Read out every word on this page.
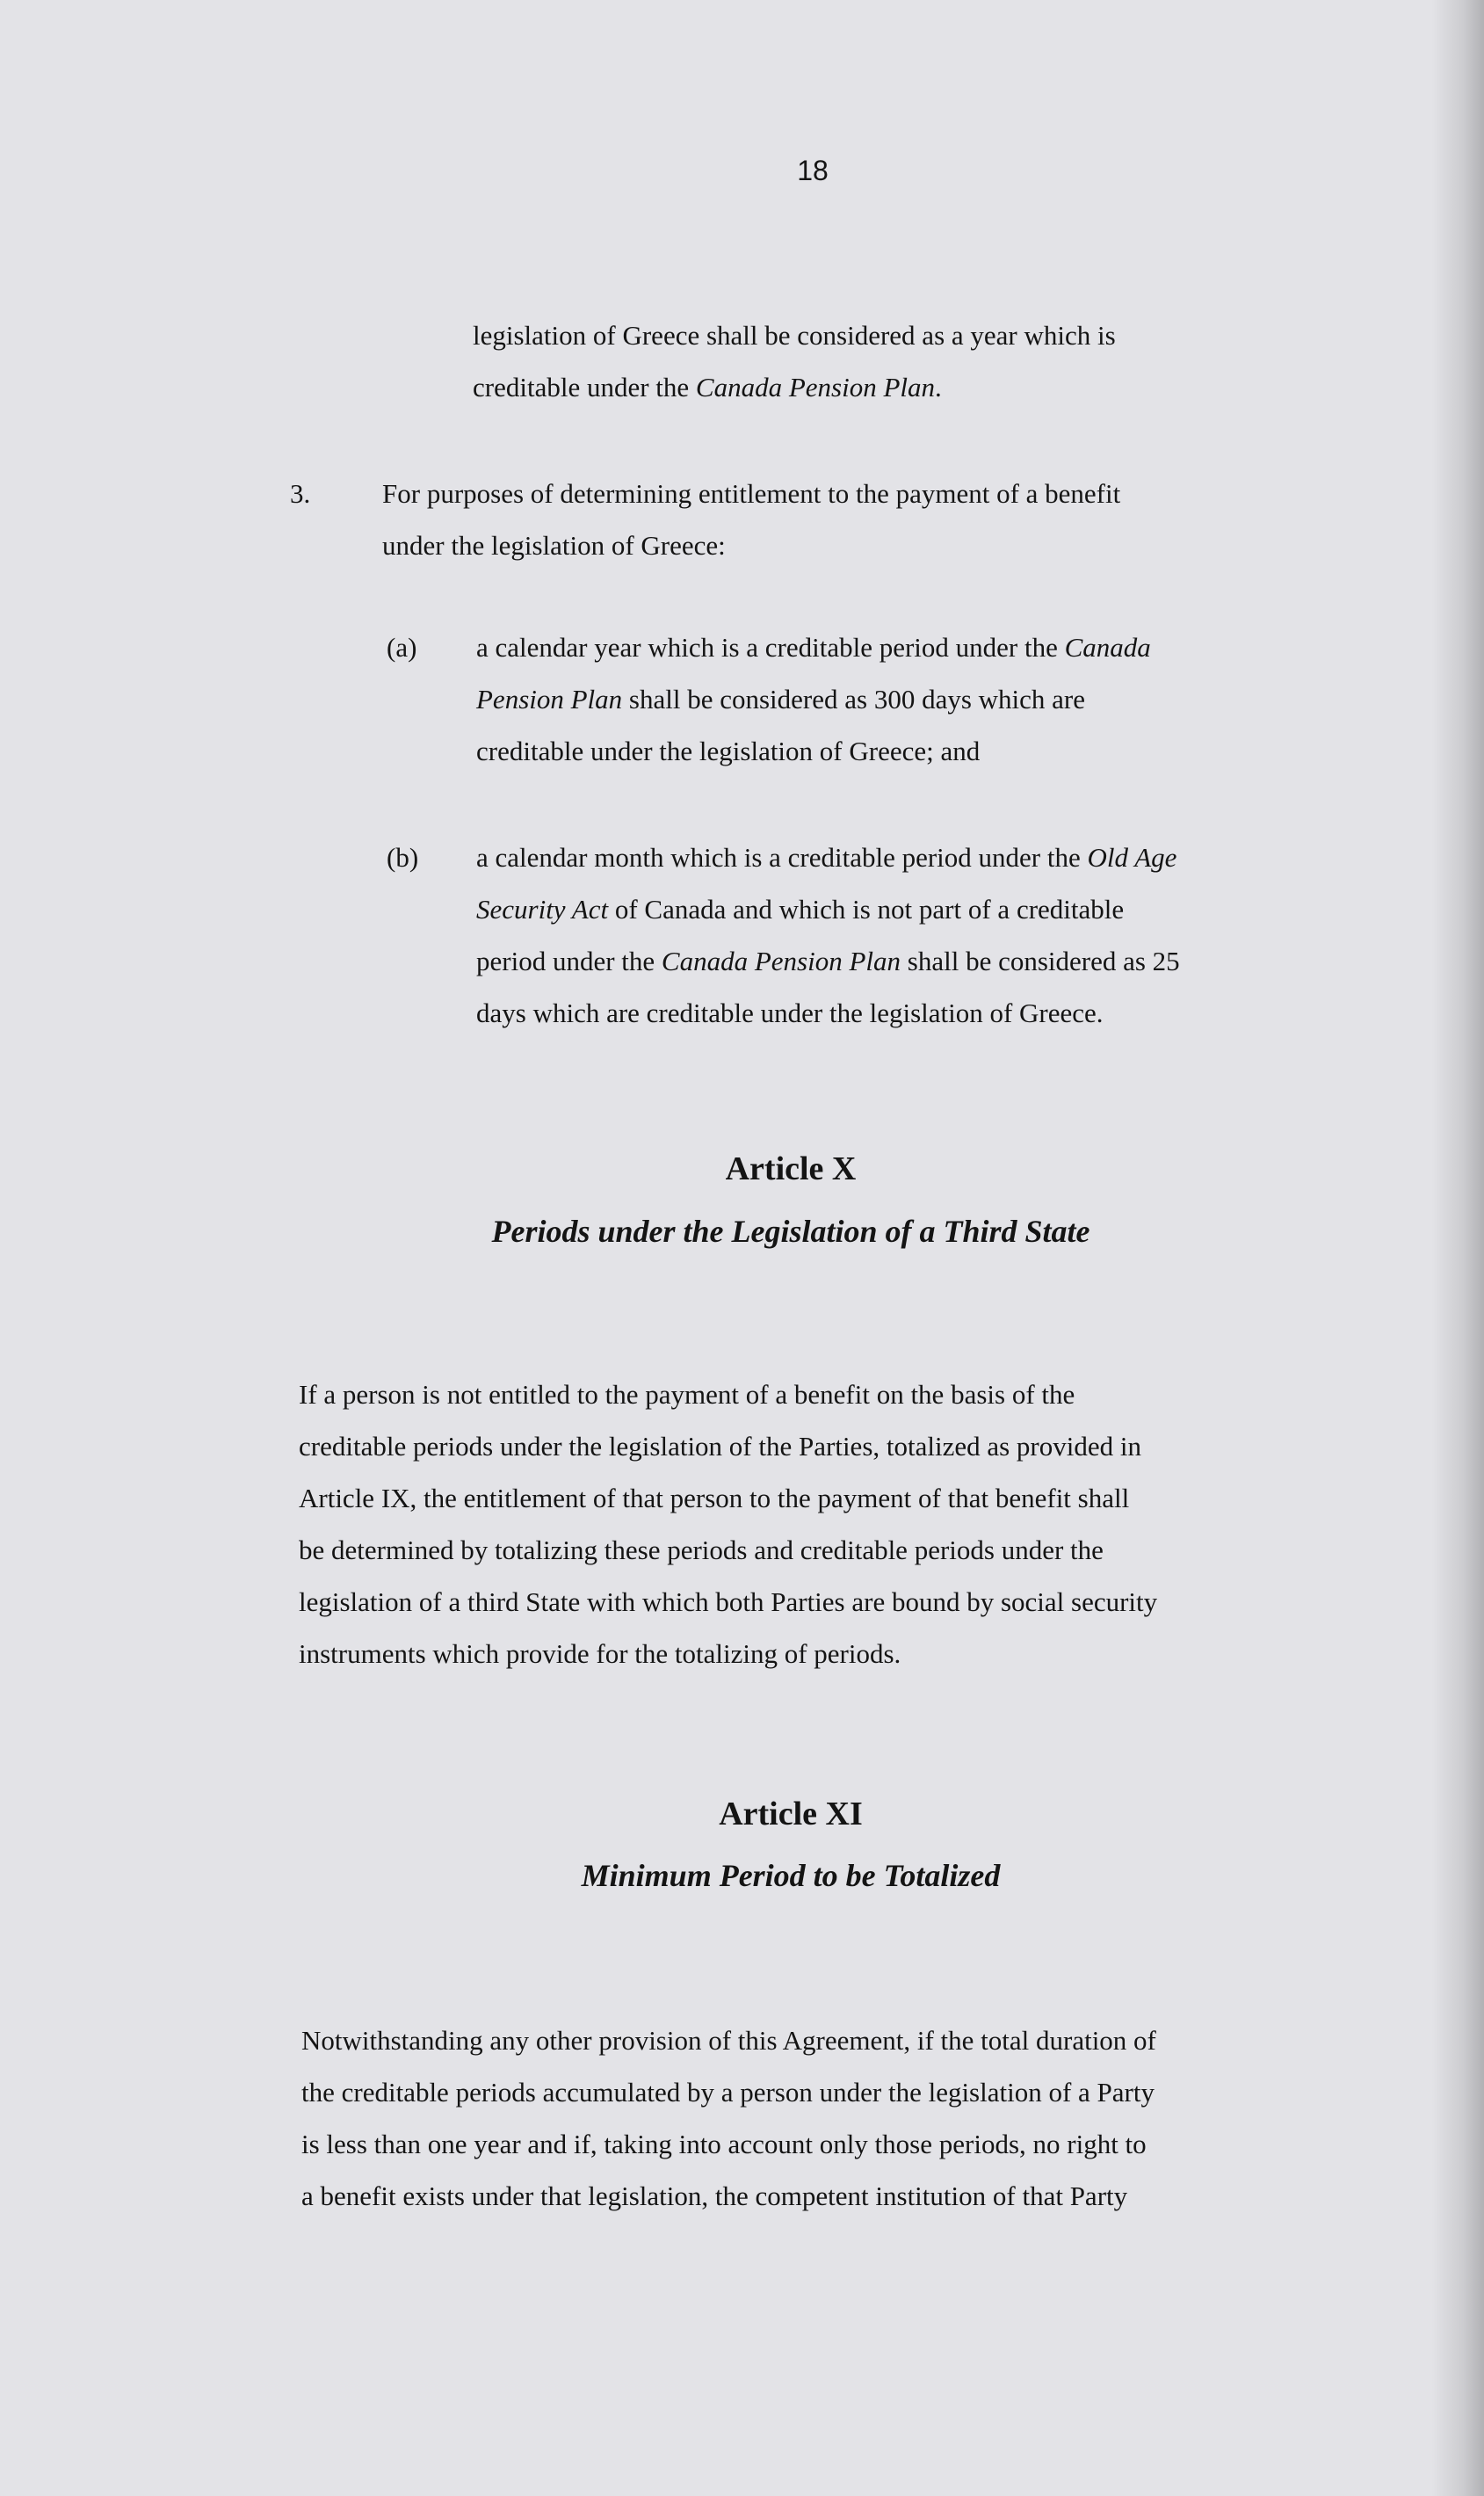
18
legislation of Greece shall be considered as a year which is
creditable under the Canada Pension Plan.
3.	For purposes of determining entitlement to the payment of a benefit
under the legislation of Greece:
(a) a calendar year which is a creditable period under the Canada
Pension Plan shall be considered as 300 days which are
creditable under the legislation of Greece; and
(b) a calendar month which is a creditable period under the Old Age
Security Act of Canada and which is not part of a creditable
period under the Canada Pension Plan shall be considered as 25
days which are creditable under the legislation of Greece.
Article X
Periods under the Legislation of a Third State
If a person is not entitled to the payment of a benefit on the basis of the
creditable periods under the legislation of the Parties, totalized as provided in
Article IX, the entitlement of that person to the payment of that benefit shall
be determined by totalizing these periods and creditable periods under the
legislation of a third State with which both Parties are bound by social security
instruments which provide for the totalizing of periods.
Article XI
Minimum Period to be Totalized
Notwithstanding any other provision of this Agreement, if the total duration of
the creditable periods accumulated by a person under the legislation of a Party
is less than one year and if, taking into account only those periods, no right to
a benefit exists under that legislation, the competent institution of that Party
